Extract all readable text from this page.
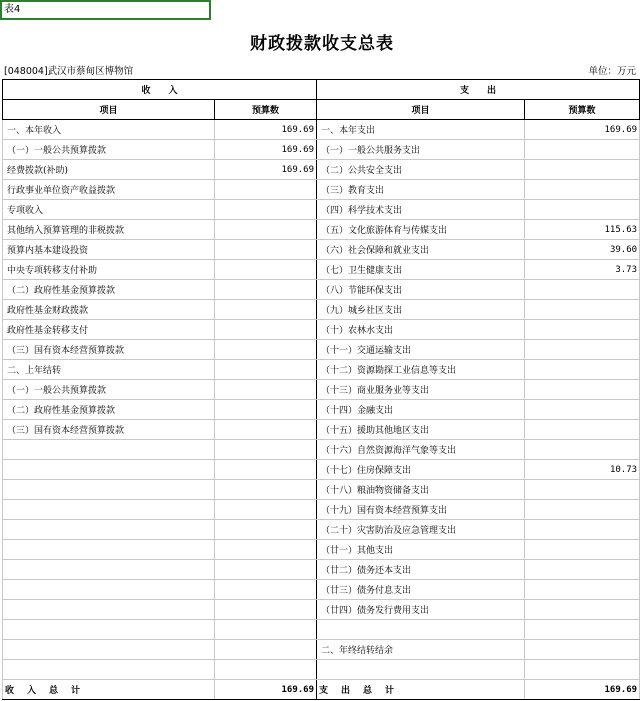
表4
财政拨款收支总表
[048004]武汉市蔡甸区博物馆	单位：万元
收　　入		支　　出	
项目	预算数	项目	预算数
一、本年收入	169.69	一、本年支出	169.69
（一）一般公共预算拨款	169.69	（一）一般公共服务支出	
经费拨款(补助)	169.69	（二）公共安全支出	
行政事业单位资产收益拨款		（三）教育支出	
专项收入		（四）科学技术支出	
其他纳入预算管理的非税拨款		（五）文化旅游体育与传媒支出	115.63
预算内基本建设投资		（六）社会保障和就业支出	39.60
中央专项转移支付补助		（七）卫生健康支出	3.73
（二）政府性基金预算拨款		（八）节能环保支出	
政府性基金财政拨款		（九）城乡社区支出	
政府性基金转移支付		（十）农林水支出	
（三）国有资本经营预算拨款		（十一）交通运输支出	
二、上年结转		（十二）资源勘探工业信息等支出	
（一）一般公共预算拨款		（十三）商业服务业等支出	
（二）政府性基金预算拨款		（十四）金融支出	
（三）国有资本经营预算拨款		（十五）援助其他地区支出	
		（十六）自然资源海洋气象等支出	
		（十七）住房保障支出	10.73
		（十八）粮油物资储备支出	
		（十九）国有资本经营预算支出	
		（二十）灾害防治及应急管理支出	
		（廿一）其他支出	
		（廿二）债务还本支出	
		（廿三）债务付息支出	
		（廿四）债务发行费用支出	

		二、年终结转结余	

收　入　总　计	169.69	支　出　总　计	169.69
